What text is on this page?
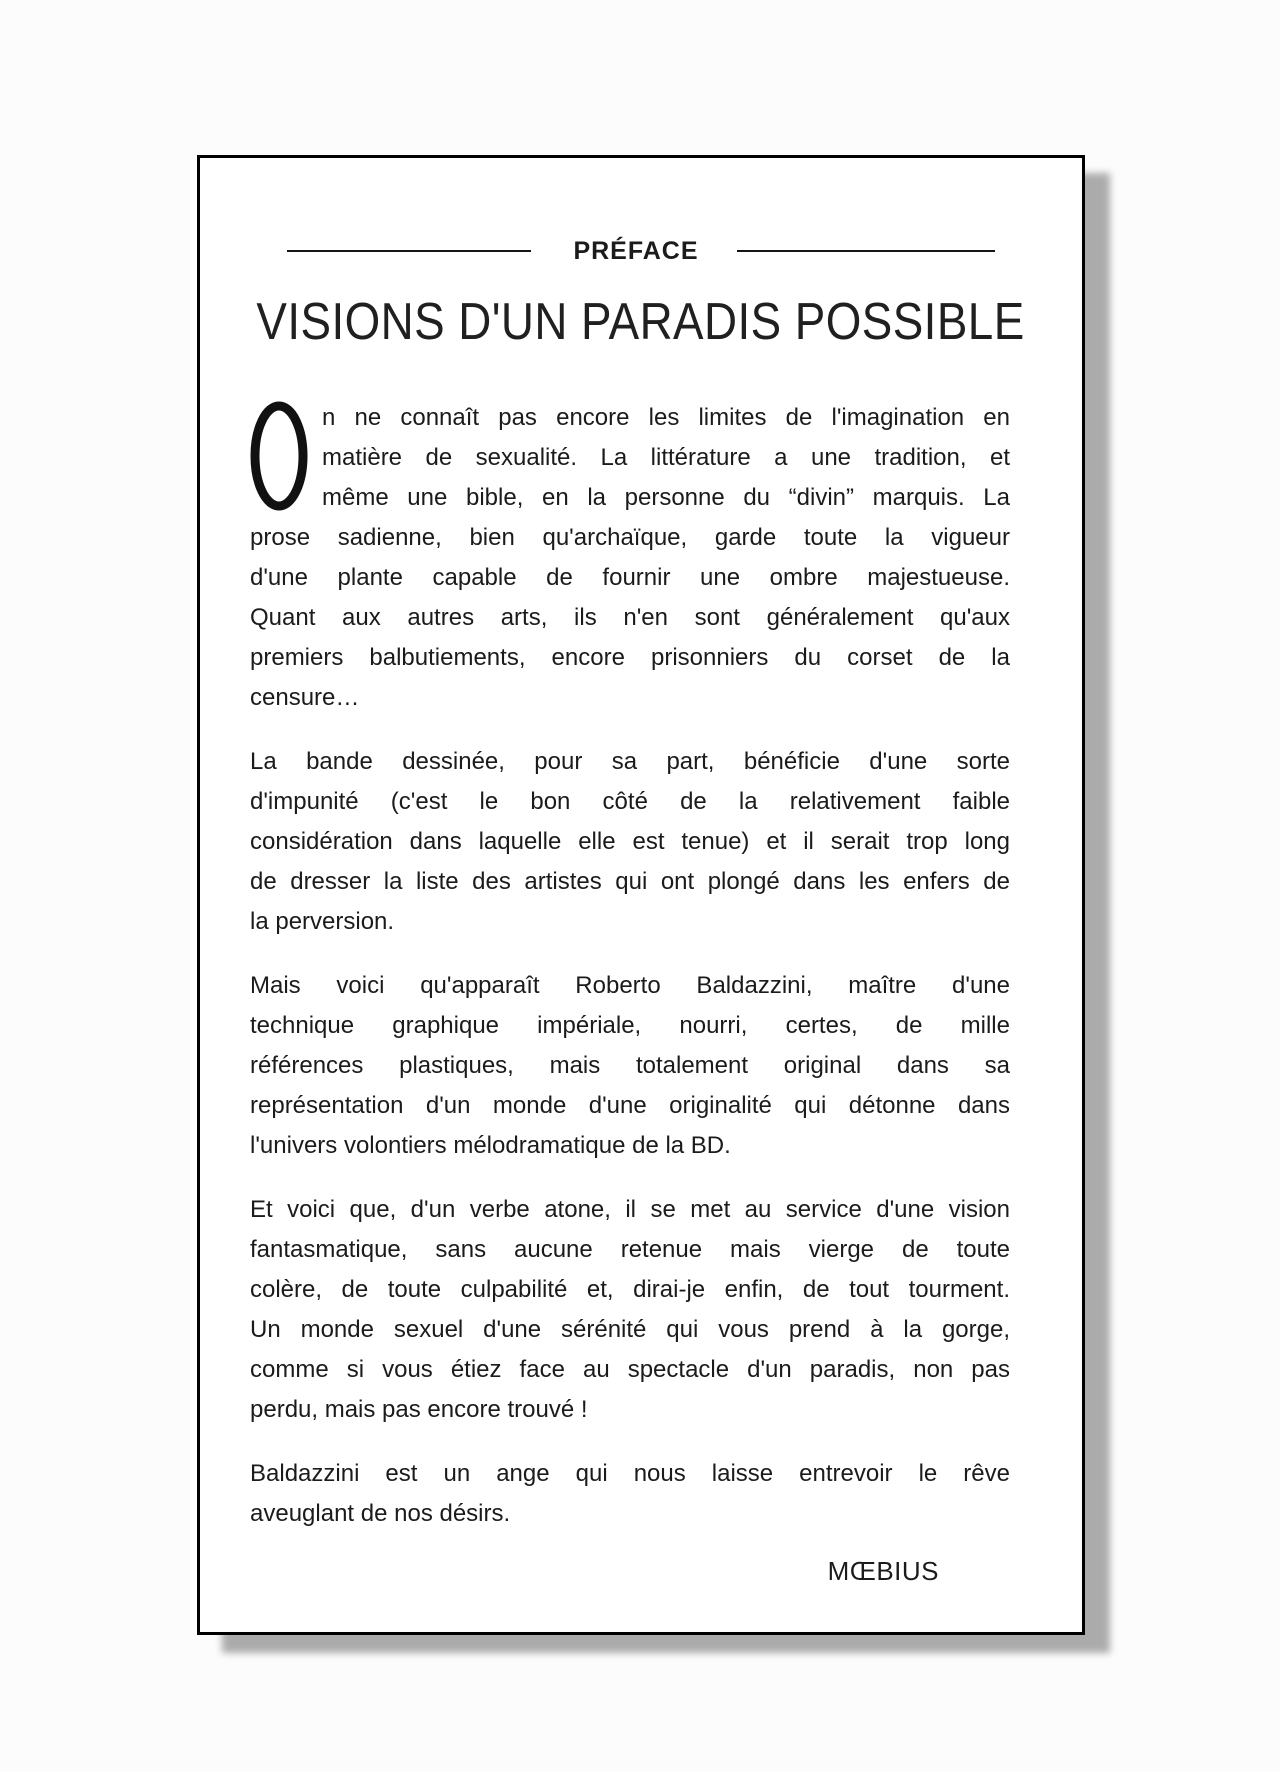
PRÉFACE
VISIONS D'UN PARADIS POSSIBLE
n ne connaît pas encore les limites de l'imagination en
matière de sexualité. La littérature a une tradition, et
même une bible, en la personne du “divin” marquis. La
prose sadienne, bien qu'archaïque, garde toute la vigueur
d'une plante capable de fournir une ombre majestueuse.
Quant aux autres arts, ils n'en sont généralement qu'aux
premiers balbutiements, encore prisonniers du corset de la
censure…
La bande dessinée, pour sa part, bénéficie d'une sorte
d'impunité (c'est le bon côté de la relativement faible
considération dans laquelle elle est tenue) et il serait trop long
de dresser la liste des artistes qui ont plongé dans les enfers de
la perversion.
Mais voici qu'apparaît Roberto Baldazzini, maître d'une
technique graphique impériale, nourri, certes, de mille
références plastiques, mais totalement original dans sa
représentation d'un monde d'une originalité qui détonne dans
l'univers volontiers mélodramatique de la BD.
Et voici que, d'un verbe atone, il se met au service d'une vision
fantasmatique, sans aucune retenue mais vierge de toute
colère, de toute culpabilité et, dirai-je enfin, de tout tourment.
Un monde sexuel d'une sérénité qui vous prend à la gorge,
comme si vous étiez face au spectacle d'un paradis, non pas
perdu, mais pas encore trouvé !
Baldazzini est un ange qui nous laisse entrevoir le rêve
aveuglant de nos désirs.
MŒBIUS
